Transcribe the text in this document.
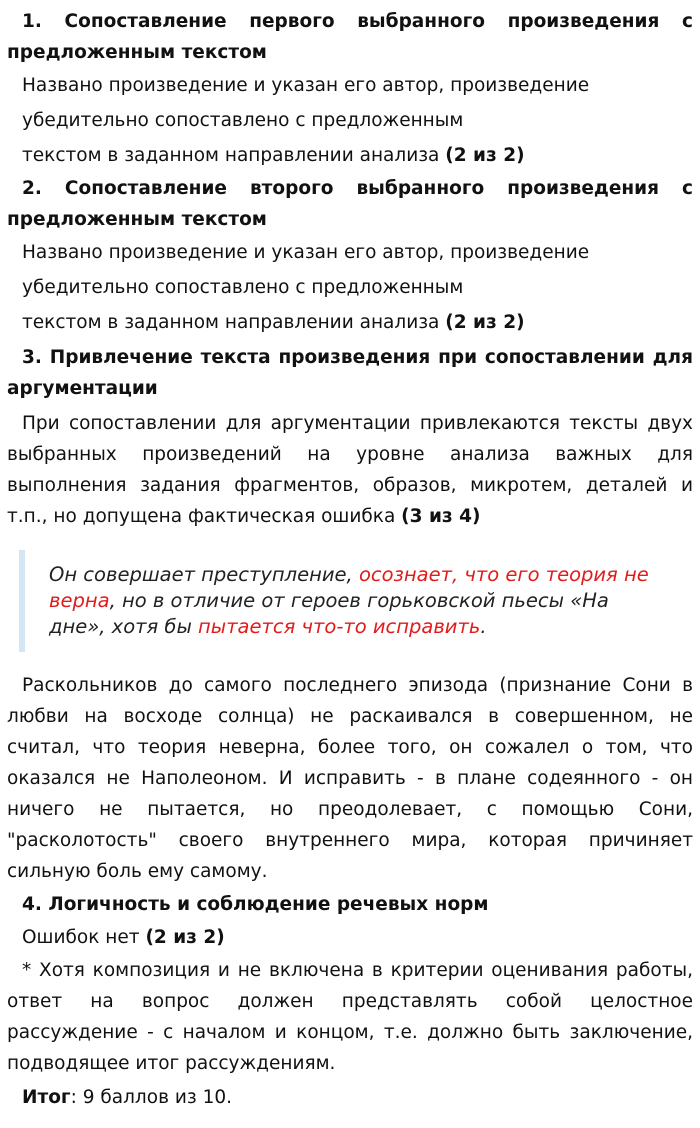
1. Сопоставление первого выбранного произведения с предложенным текстом
Названо произведение и указан его автор, произведение
убедительно сопоставлено с предложенным
текстом в заданном направлении анализа (2 из 2)
2. Сопоставление второго выбранного произведения с предложенным текстом
Названо произведение и указан его автор, произведение
убедительно сопоставлено с предложенным
текстом в заданном направлении анализа (2 из 2)
3. Привлечение текста произведения при сопоставлении для аргументации
При сопоставлении для аргументации привлекаются тексты двух выбранных произведений на уровне анализа важных для выполнения задания фрагментов, образов, микротем, деталей и т.п., но допущена фактическая ошибка (3 из 4)
Он совершает преступление, осознает, что его теория не верна, но в отличие от героев горьковской пьесы «На дне», хотя бы пытается что-то исправить.
Раскольников до самого последнего эпизода (признание Сони в любви на восходе солнца) не раскаивался в совершенном, не считал, что теория неверна, более того, он сожалел о том, что оказался не Наполеоном. И исправить - в плане содеянного - он ничего не пытается, но преодолевает, с помощью Сони, "расколотость" своего внутреннего мира, которая причиняет сильную боль ему самому.
4. Логичность и соблюдение речевых норм
Ошибок нет (2 из 2)
* Хотя композиция и не включена в критерии оценивания работы, ответ на вопрос должен представлять собой целостное рассуждение - с началом и концом, т.е. должно быть заключение, подводящее итог рассуждениям.
Итог: 9 баллов из 10.
